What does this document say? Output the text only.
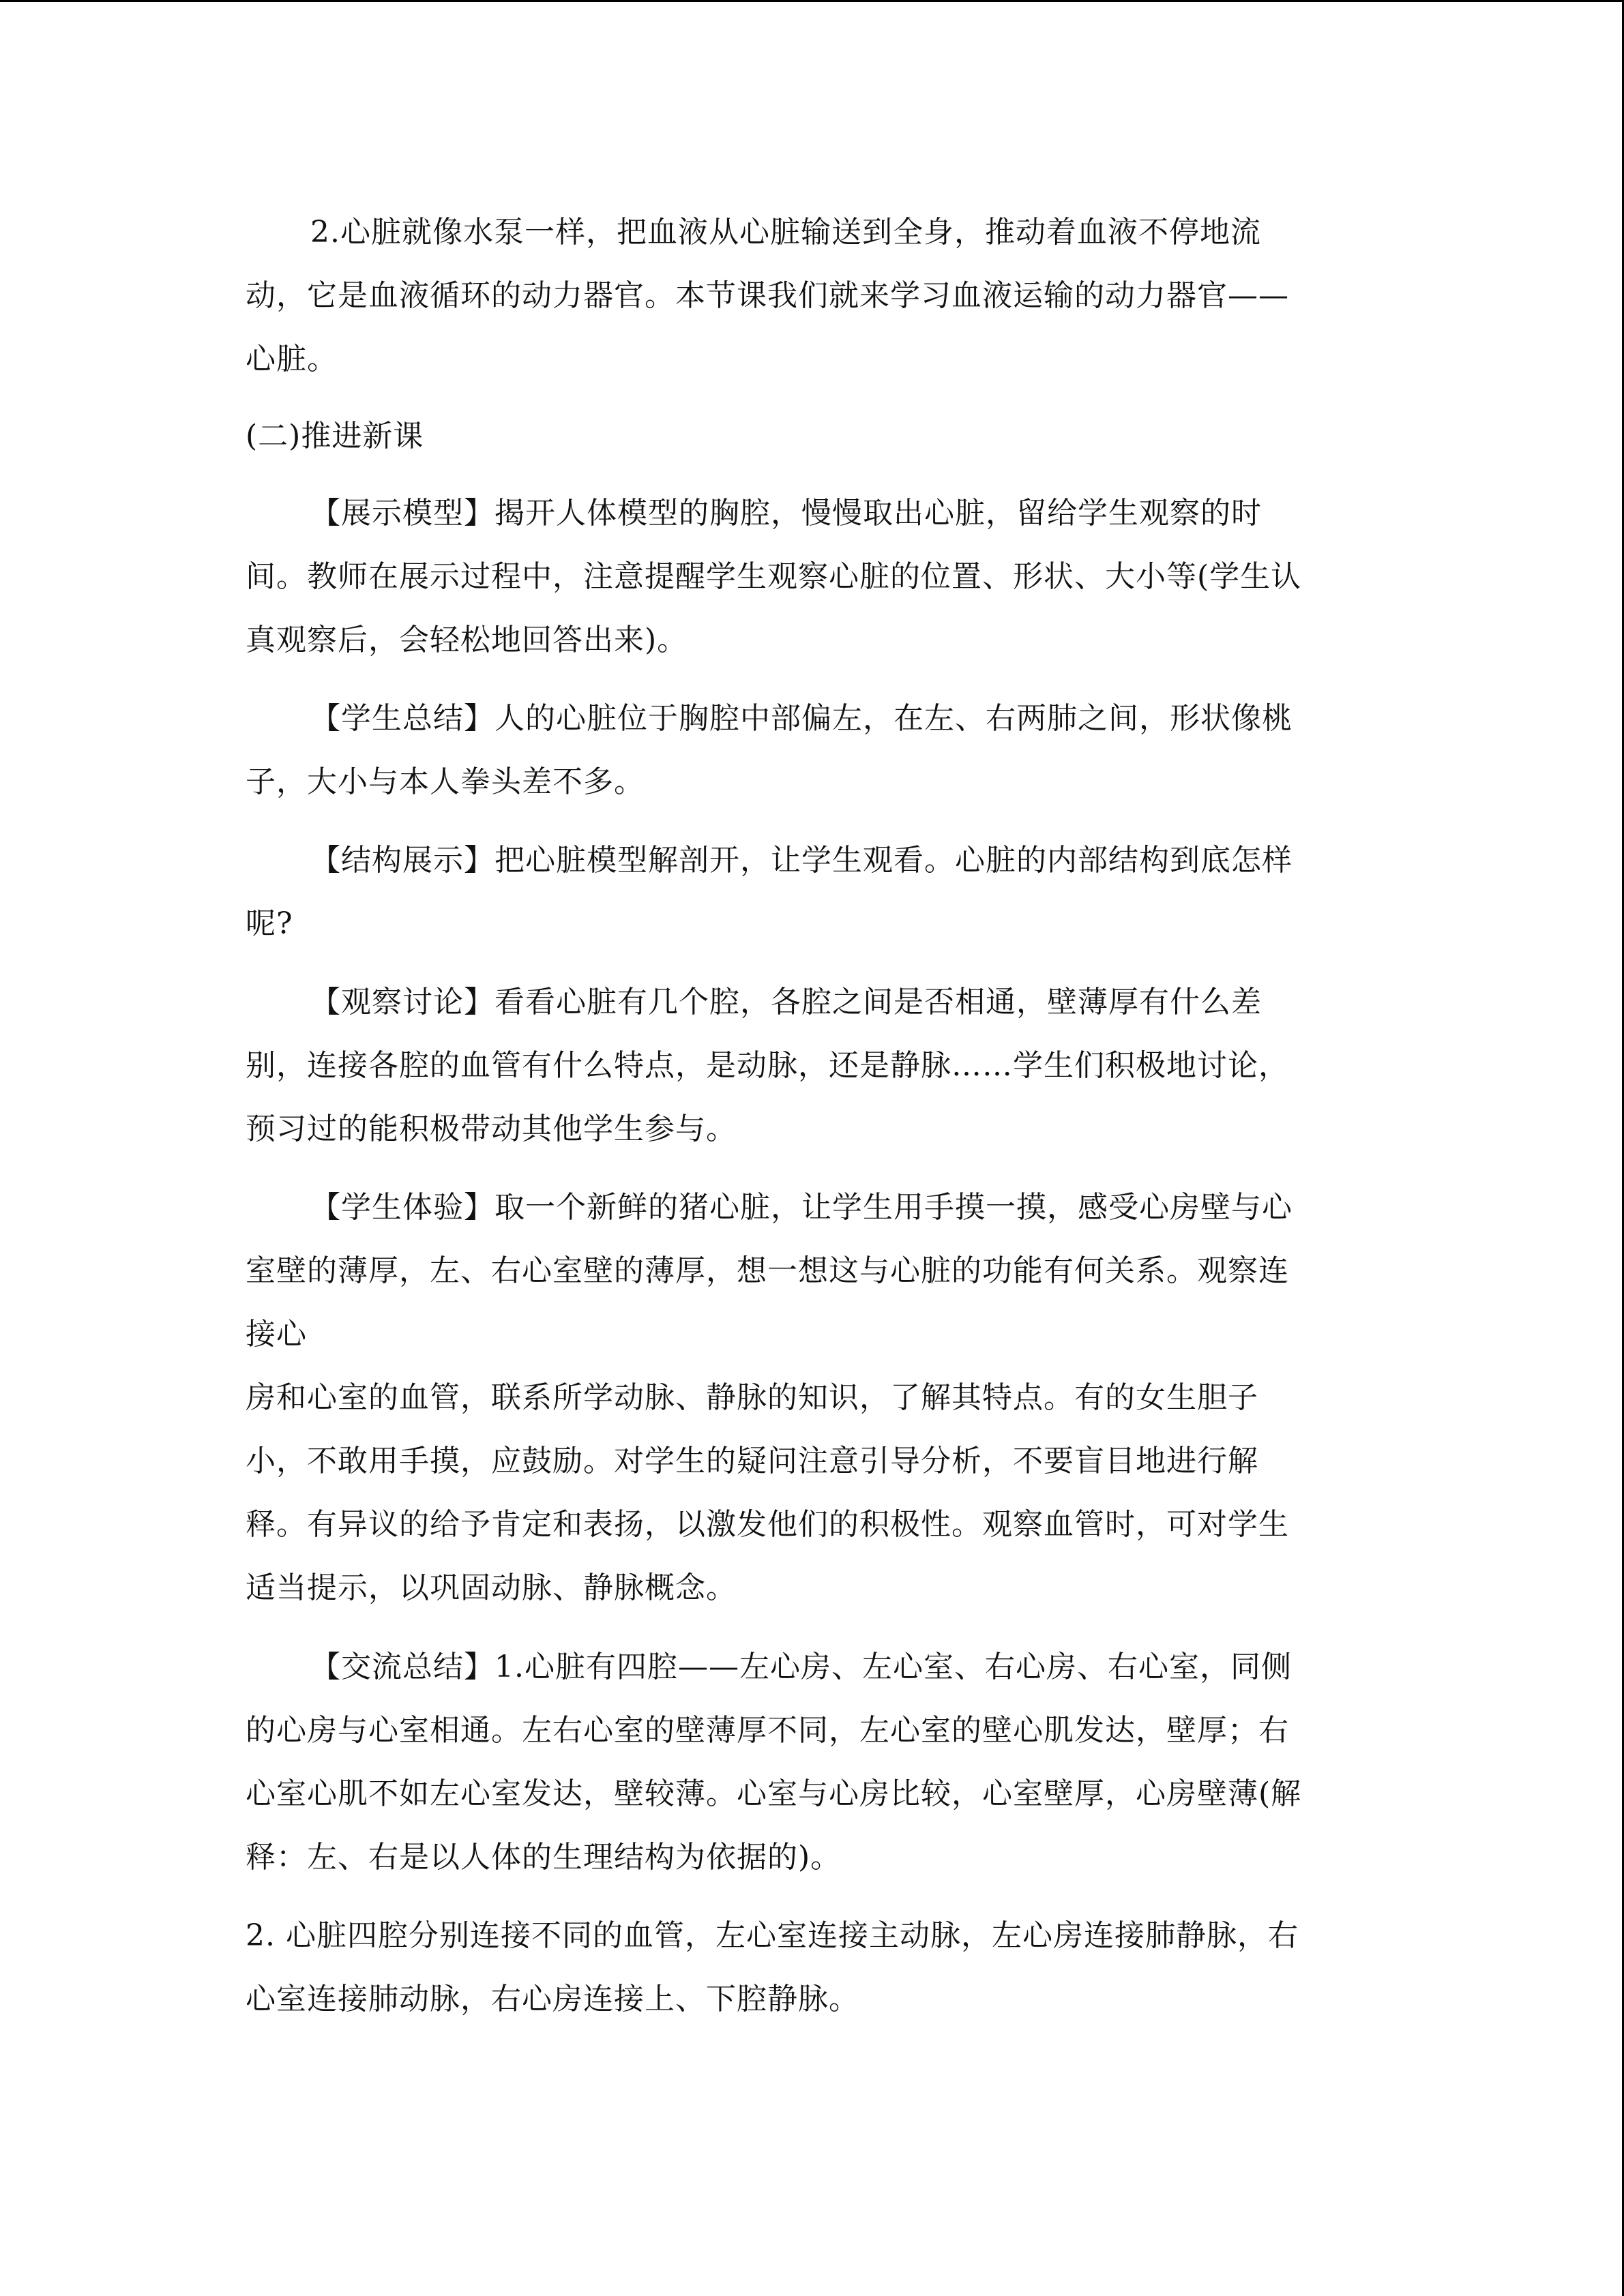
2.心脏就像水泵一样，把血液从心脏输送到全身，推动着血液不停地流
动，它是血液循环的动力器官。本节课我们就来学习血液运输的动力器官——
心脏。
(二)推进新课
【展示模型】揭开人体模型的胸腔，慢慢取出心脏，留给学生观察的时
间。教师在展示过程中，注意提醒学生观察心脏的位置、形状、大小等(学生认
真观察后，会轻松地回答出来)。
【学生总结】人的心脏位于胸腔中部偏左，在左、右两肺之间，形状像桃
子，大小与本人拳头差不多。
【结构展示】把心脏模型解剖开，让学生观看。心脏的内部结构到底怎样
呢?
【观察讨论】看看心脏有几个腔，各腔之间是否相通，壁薄厚有什么差
别，连接各腔的血管有什么特点，是动脉，还是静脉……学生们积极地讨论，
预习过的能积极带动其他学生参与。
【学生体验】取一个新鲜的猪心脏，让学生用手摸一摸，感受心房壁与心
室壁的薄厚，左、右心室壁的薄厚，想一想这与心脏的功能有何关系。观察连
接心
房和心室的血管，联系所学动脉、静脉的知识，了解其特点。有的女生胆子
小，不敢用手摸，应鼓励。对学生的疑问注意引导分析，不要盲目地进行解
释。有异议的给予肯定和表扬，以激发他们的积极性。观察血管时，可对学生
适当提示，以巩固动脉、静脉概念。
【交流总结】1.心脏有四腔——左心房、左心室、右心房、右心室，同侧
的心房与心室相通。左右心室的壁薄厚不同，左心室的壁心肌发达，壁厚；右
心室心肌不如左心室发达，壁较薄。心室与心房比较，心室壁厚，心房壁薄(解
释：左、右是以人体的生理结构为依据的)。
2. 心脏四腔分别连接不同的血管，左心室连接主动脉，左心房连接肺静脉，右
心室连接肺动脉，右心房连接上、下腔静脉。
